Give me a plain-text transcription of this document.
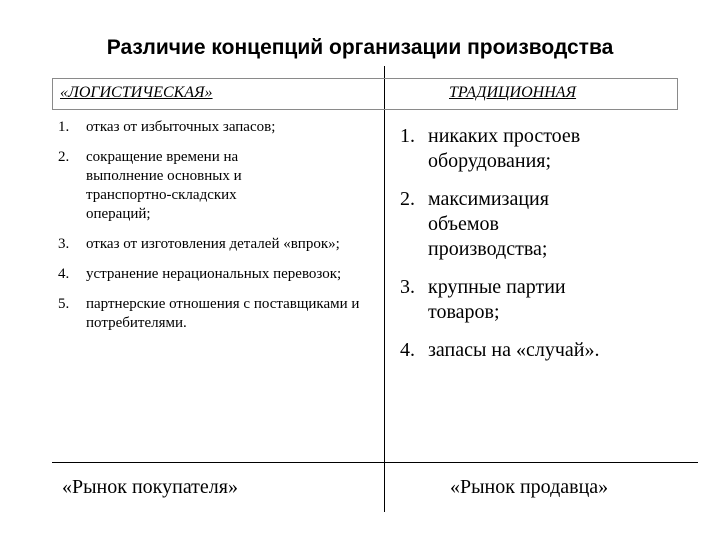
Различие концепций организации производства
«ЛОГИСТИЧЕСКАЯ»	ТРАДИЦИОННАЯ
1. отказ от избыточных запасов;
2. сокращение времени на выполнение основных и транспортно-складских операций;
3. отказ от изготовления деталей «впрок»;
4. устранение нерациональных перевозок;
5. партнерские отношения с поставщиками и потребителями.
1. никаких простоев оборудования;
2. максимизация объемов производства;
3. крупные партии товаров;
4. запасы на «случай».
«Рынок покупателя»	«Рынок продавца»
